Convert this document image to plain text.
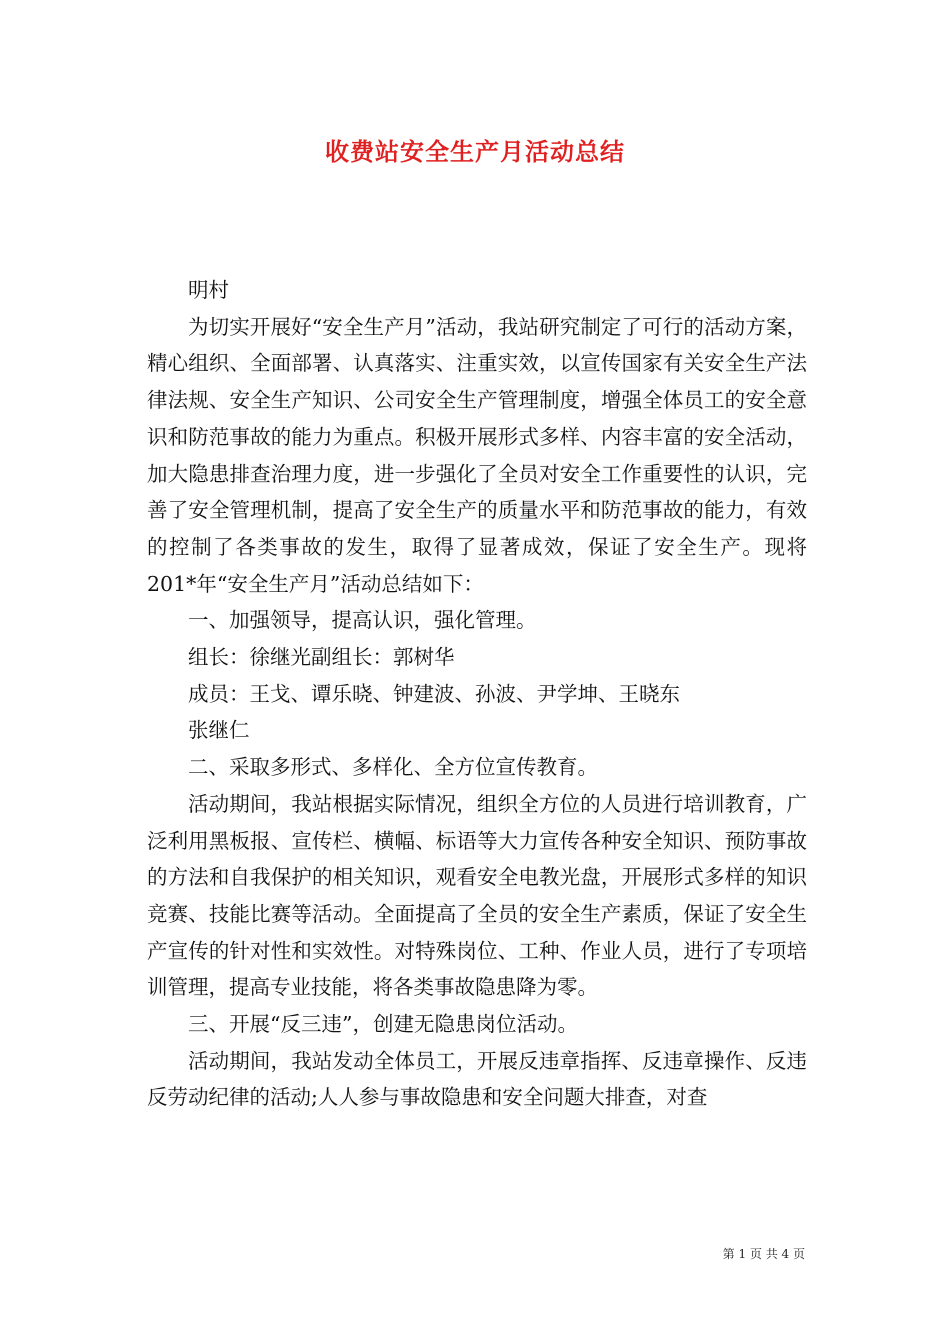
收费站安全生产月活动总结

明村

为切实开展好“安全生产月”活动，我站研究制定了可行的活动方案，精心组织、全面部署、认真落实、注重实效，以宣传国家有关安全生产法律法规、安全生产知识、公司安全生产管理制度，增强全体员工的安全意识和防范事故的能力为重点。积极开展形式多样、内容丰富的安全活动，加大隐患排查治理力度，进一步强化了全员对安全工作重要性的认识，完善了安全管理机制，提高了安全生产的质量水平和防范事故的能力，有效的控制了各类事故的发生，取得了显著成效，保证了安全生产。现将201*年“安全生产月”活动总结如下：

一、加强领导，提高认识，强化管理。

组长：徐继光副组长：郭树华

成员：王戈、谭乐晓、钟建波、孙波、尹学坤、王晓东

张继仁

二、采取多形式、多样化、全方位宣传教育。

活动期间，我站根据实际情况，组织全方位的人员进行培训教育，广泛利用黑板报、宣传栏、横幅、标语等大力宣传各种安全知识、预防事故的方法和自我保护的相关知识，观看安全电教光盘，开展形式多样的知识竞赛、技能比赛等活动。全面提高了全员的安全生产素质，保证了安全生产宣传的针对性和实效性。对特殊岗位、工种、作业人员，进行了专项培训管理，提高专业技能，将各类事故隐患降为零。

三、开展“反三违”，创建无隐患岗位活动。

活动期间，我站发动全体员工，开展反违章指挥、反违章操作、反违反劳动纪律的活动;人人参与事故隐患和安全问题大排查，对查

第 1 页 共 4 页
